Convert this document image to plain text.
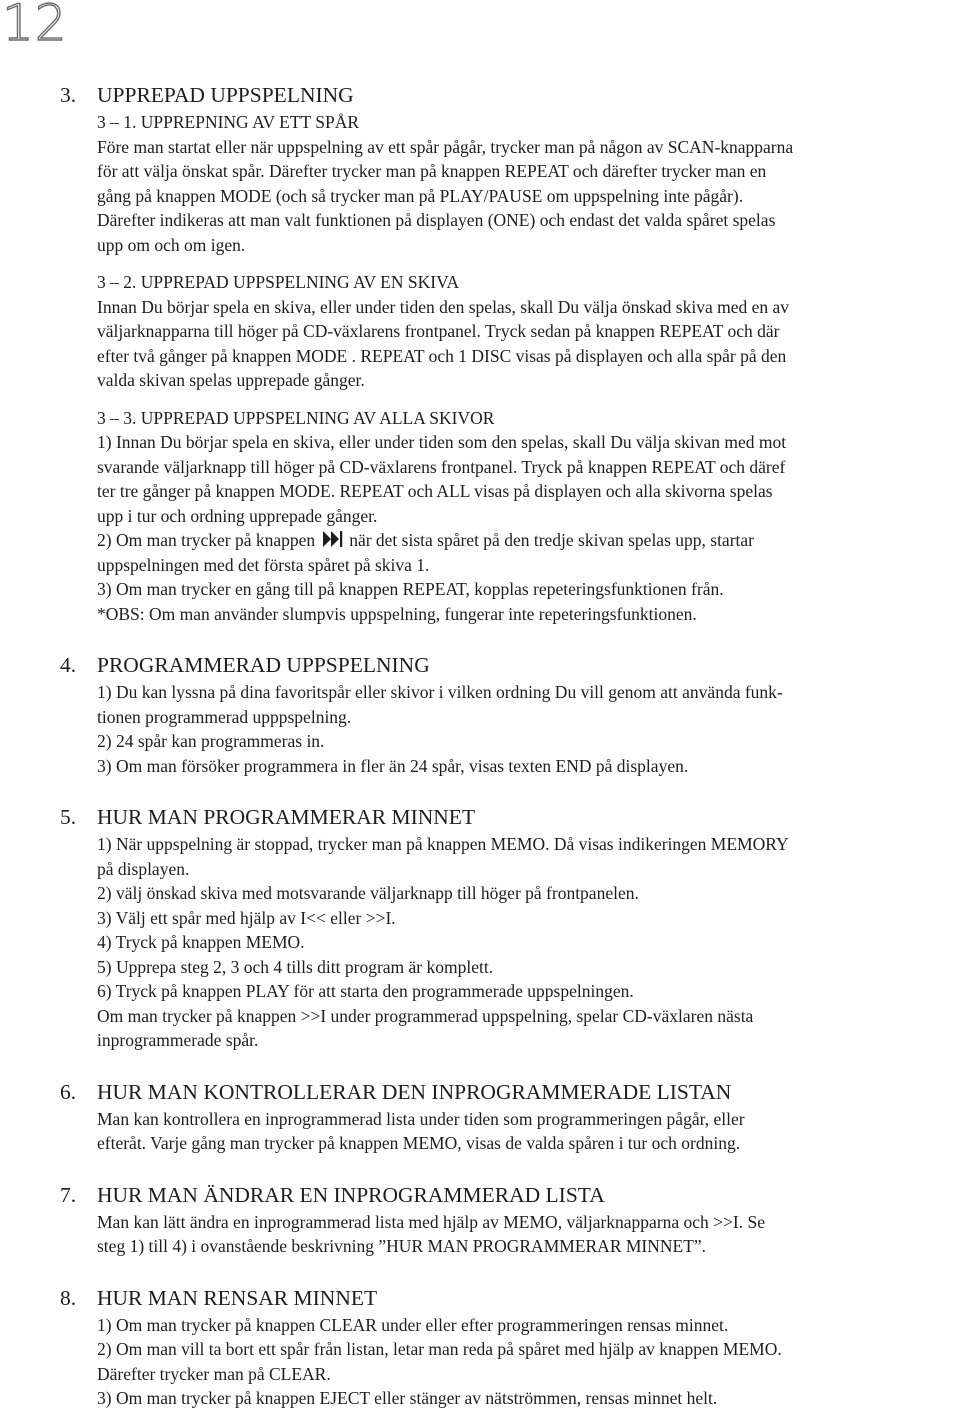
12
3. UPPREPAD UPPSPELNING
3 – 1. UPPREPNING AV ETT SPÅR
Före man startat eller när uppspelning av ett spår pågår, trycker man på någon av SCAN-knapparna
för att välja önskat spår. Därefter trycker man på knappen REPEAT och därefter trycker man en
gång på knappen MODE (och så trycker man på PLAY/PAUSE om uppspelning inte pågår).
Därefter indikeras att man valt funktionen på displayen (ONE) och endast det valda spåret spelas
upp om och om igen.
3 – 2. UPPREPAD UPPSPELNING AV EN SKIVA
Innan Du börjar spela en skiva, eller under tiden den spelas, skall Du välja önskad skiva med en av
väljarknapparna till höger på CD-växlarens frontpanel. Tryck sedan på knappen REPEAT och där
efter två gånger på knappen MODE . REPEAT och 1 DISC visas på displayen och alla spår på den
valda skivan spelas upprepade gånger.
3 – 3. UPPREPAD UPPSPELNING AV ALLA SKIVOR
1) Innan Du börjar spela en skiva, eller under tiden som den spelas, skall Du välja skivan med mot
svarande väljarknapp till höger på CD-växlarens frontpanel. Tryck på knappen REPEAT och däref
ter tre gånger på knappen MODE. REPEAT och ALL visas på displayen och alla skivorna spelas
upp i tur och ordning upprepade gånger.
2) Om man trycker på knappen när det sista spåret på den tredje skivan spelas upp, startar
uppspelningen med det första spåret på skiva 1.
3) Om man trycker en gång till på knappen REPEAT, kopplas repeteringsfunktionen från.
*OBS: Om man använder slumpvis uppspelning, fungerar inte repeteringsfunktionen.
4. PROGRAMMERAD UPPSPELNING
1) Du kan lyssna på dina favoritspår eller skivor i vilken ordning Du vill genom att använda funk-
tionen programmerad upppspelning.
2) 24 spår kan programmeras in.
3) Om man försöker programmera in fler än 24 spår, visas texten END på displayen.
5. HUR MAN PROGRAMMERAR MINNET
1) När uppspelning är stoppad, trycker man på knappen MEMO. Då visas indikeringen MEMORY
på displayen.
2) välj önskad skiva med motsvarande väljarknapp till höger på frontpanelen.
3) Välj ett spår med hjälp av I<< eller >>I.
4) Tryck på knappen MEMO.
5) Upprepa steg 2, 3 och 4 tills ditt program är komplett.
6) Tryck på knappen PLAY för att starta den programmerade uppspelningen.
Om man trycker på knappen >>I under programmerad uppspelning, spelar CD-växlaren nästa
inprogrammerade spår.
6. HUR MAN KONTROLLERAR DEN INPROGRAMMERADE LISTAN
Man kan kontrollera en inprogrammerad lista under tiden som programmeringen pågår, eller
efteråt. Varje gång man trycker på knappen MEMO, visas de valda spåren i tur och ordning.
7. HUR MAN ÄNDRAR EN INPROGRAMMERAD LISTA
Man kan lätt ändra en inprogrammerad lista med hjälp av MEMO, väljarknapparna och >>I. Se
steg 1) till 4) i ovanstående beskrivning ”HUR MAN PROGRAMMERAR MINNET”.
8. HUR MAN RENSAR MINNET
1) Om man trycker på knappen CLEAR under eller efter programmeringen rensas minnet.
2) Om man vill ta bort ett spår från listan, letar man reda på spåret med hjälp av knappen MEMO.
Därefter trycker man på CLEAR.
3) Om man trycker på knappen EJECT eller stänger av nätströmmen, rensas minnet helt.
